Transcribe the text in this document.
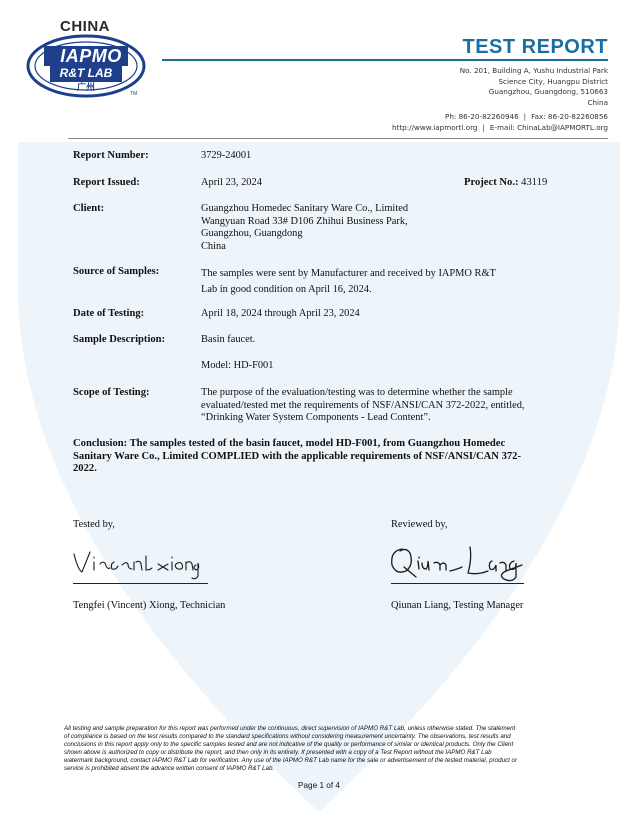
CHINA
IAPMO
R&T LAB
广州
TM
TEST REPORT
No. 201, Building A, Yushu Industrial Park
Science City, Huangpu District
Guangzhou, Guangdong, 510663
China
Ph: 86-20-82260946 | Fax: 86-20-82260856
http://www.iapmortl.org | E-mail: ChinaLab@IAPMORTL.org
Report Number:	3729-24001
Report Issued:	April 23, 2024	Project No.: 43119
Client:	Guangzhou Homedec Sanitary Ware Co., Limited
Wangyuan Road 33# D106 Zhihui Business Park,
Guangzhou, Guangdong
China
Source of Samples:	The samples were sent by Manufacturer and received by IAPMO R&T
Lab in good condition on April 16, 2024.
Date of Testing:	April 18, 2024 through April 23, 2024
Sample Description:	Basin faucet.
Model: HD-F001
Scope of Testing:	The purpose of the evaluation/testing was to determine whether the sample
evaluated/tested met the requirements of NSF/ANSI/CAN 372-2022, entitled,
“Drinking Water System Components - Lead Content”.
Conclusion: The samples tested of the basin faucet, model HD-F001, from Guangzhou Homedec
Sanitary Ware Co., Limited COMPLIED with the applicable requirements of NSF/ANSI/CAN 372-
2022.
Tested by,
Tengfei (Vincent) Xiong, Technician
Reviewed by,
Qiunan Liang, Testing Manager
All testing and sample preparation for this report was performed under the continuous, direct supervision of IAPMO R&T Lab, unless otherwise stated. The statement
of compliance is based on the test results compared to the standard specifications without considering measurement uncertainty. The observations, test results and
conclusions in this report apply only to the specific samples tested and are not indicative of the quality or performance of similar or identical products. Only the Client
shown above is authorized to copy or distribute the report, and then only in its entirety. If presented with a copy of a Test Report without the IAPMO R&T Lab
watermark background, contact IAPMO R&T Lab for verification. Any use of the IAPMO R&T Lab name for the sale or advertisement of the tested material, product or
service is prohibited absent the advance written consent of IAPMO R&T Lab.
Page 1 of 4
